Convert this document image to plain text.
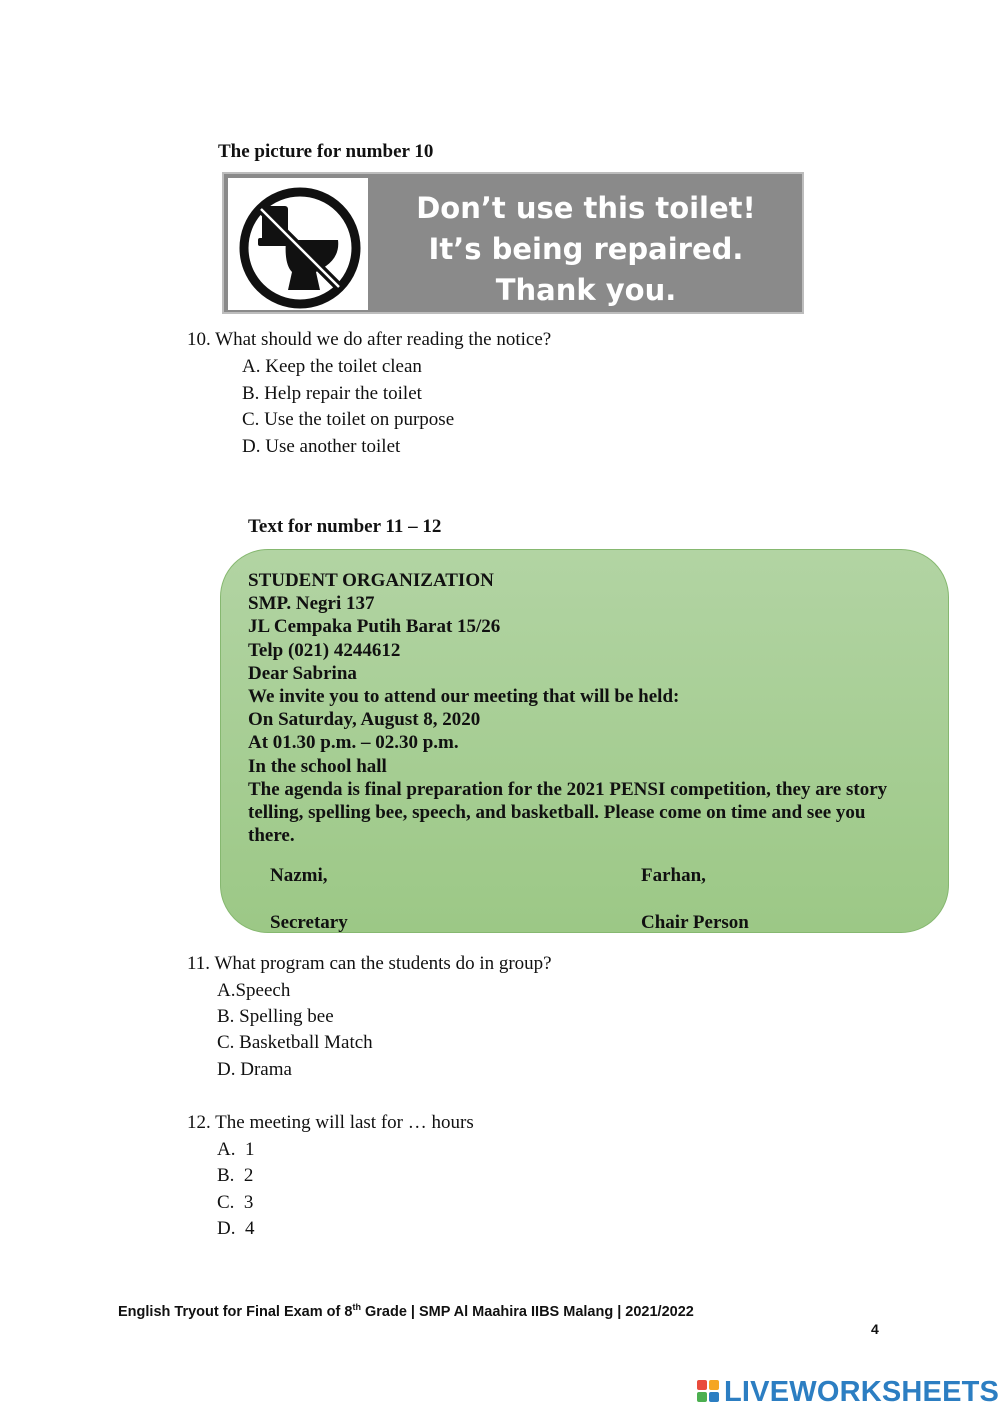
The picture for number 10
Don’t use this toilet!
It’s being repaired.
Thank you.
10. What should we do after reading the notice?
A. Keep the toilet clean
B. Help repair the toilet
C. Use the toilet on purpose
D. Use another toilet
Text for number 11 – 12
STUDENT ORGANIZATION
SMP. Negri 137
JL Cempaka Putih Barat 15/26
Telp (021) 4244612
Dear Sabrina
We invite you to attend our meeting that will be held:
On Saturday, August 8, 2020
At 01.30 p.m. – 02.30 p.m.
In the school hall
The agenda is final preparation for the 2021 PENSI competition, they are story telling, spelling bee, speech, and basketball. Please come on time and see you there.
Nazmi,
Secretary
Farhan,
Chair Person
11. What program can the students do in group?
A.Speech
B. Spelling bee
C. Basketball Match
D. Drama
12. The meeting will last for … hours
A.  1
B.  2
C.  3
D.  4
English Tryout for Final Exam of 8th Grade | SMP Al Maahira IIBS Malang | 2021/2022
4
LIVEWORKSHEETS
